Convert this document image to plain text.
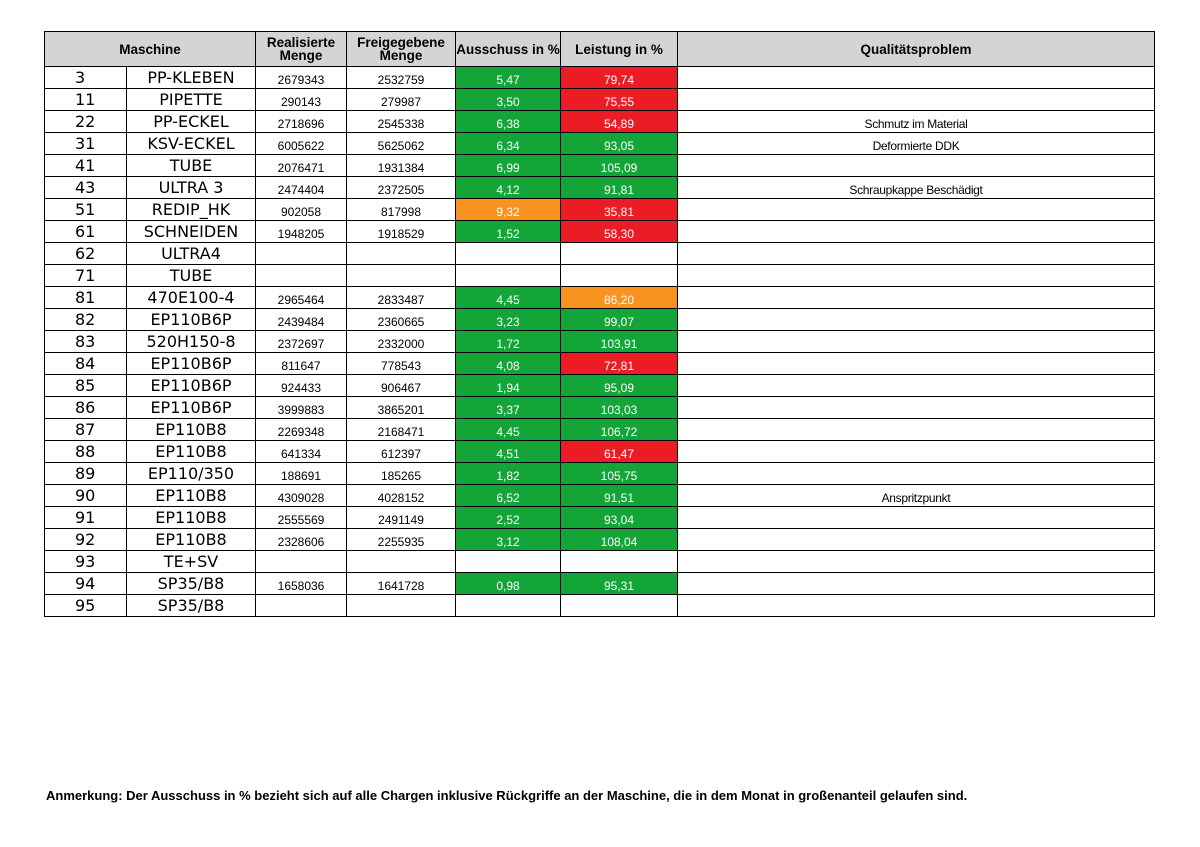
Maschine		Realisierte Menge	Freigegebene Menge	Ausschuss in %	Leistung in %	Qualitätsproblem
3	PP-KLEBEN	2679343	2532759	5,47	79,74	
11	PIPETTE	290143	279987	3,50	75,55	
22	PP-ECKEL	2718696	2545338	6,38	54,89	Schmutz im Material
31	KSV-ECKEL	6005622	5625062	6,34	93,05	Deformierte DDK
41	TUBE	2076471	1931384	6,99	105,09	
43	ULTRA 3	2474404	2372505	4,12	91,81	Schraupkappe Beschädigt
51	REDIP_HK	902058	817998	9,32	35,81	
61	SCHNEIDEN	1948205	1918529	1,52	58,30	
62	ULTRA4					
71	TUBE					
81	470E100-4	2965464	2833487	4,45	86,20	
82	EP110B6P	2439484	2360665	3,23	99,07	
83	520H150-8	2372697	2332000	1,72	103,91	
84	EP110B6P	811647	778543	4,08	72,81	
85	EP110B6P	924433	906467	1,94	95,09	
86	EP110B6P	3999883	3865201	3,37	103,03	
87	EP110B8	2269348	2168471	4,45	106,72	
88	EP110B8	641334	612397	4,51	61,47	
89	EP110/350	188691	185265	1,82	105,75	
90	EP110B8	4309028	4028152	6,52	91,51	Anspritzpunkt
91	EP110B8	2555569	2491149	2,52	93,04	
92	EP110B8	2328606	2255935	3,12	108,04	
93	TE+SV					
94	SP35/B8	1658036	1641728	0,98	95,31	
95	SP35/B8					
Anmerkung: Der Ausschuss in % bezieht sich auf alle Chargen inklusive Rückgriffe an der Maschine, die in dem Monat in großenanteil gelaufen sind.
